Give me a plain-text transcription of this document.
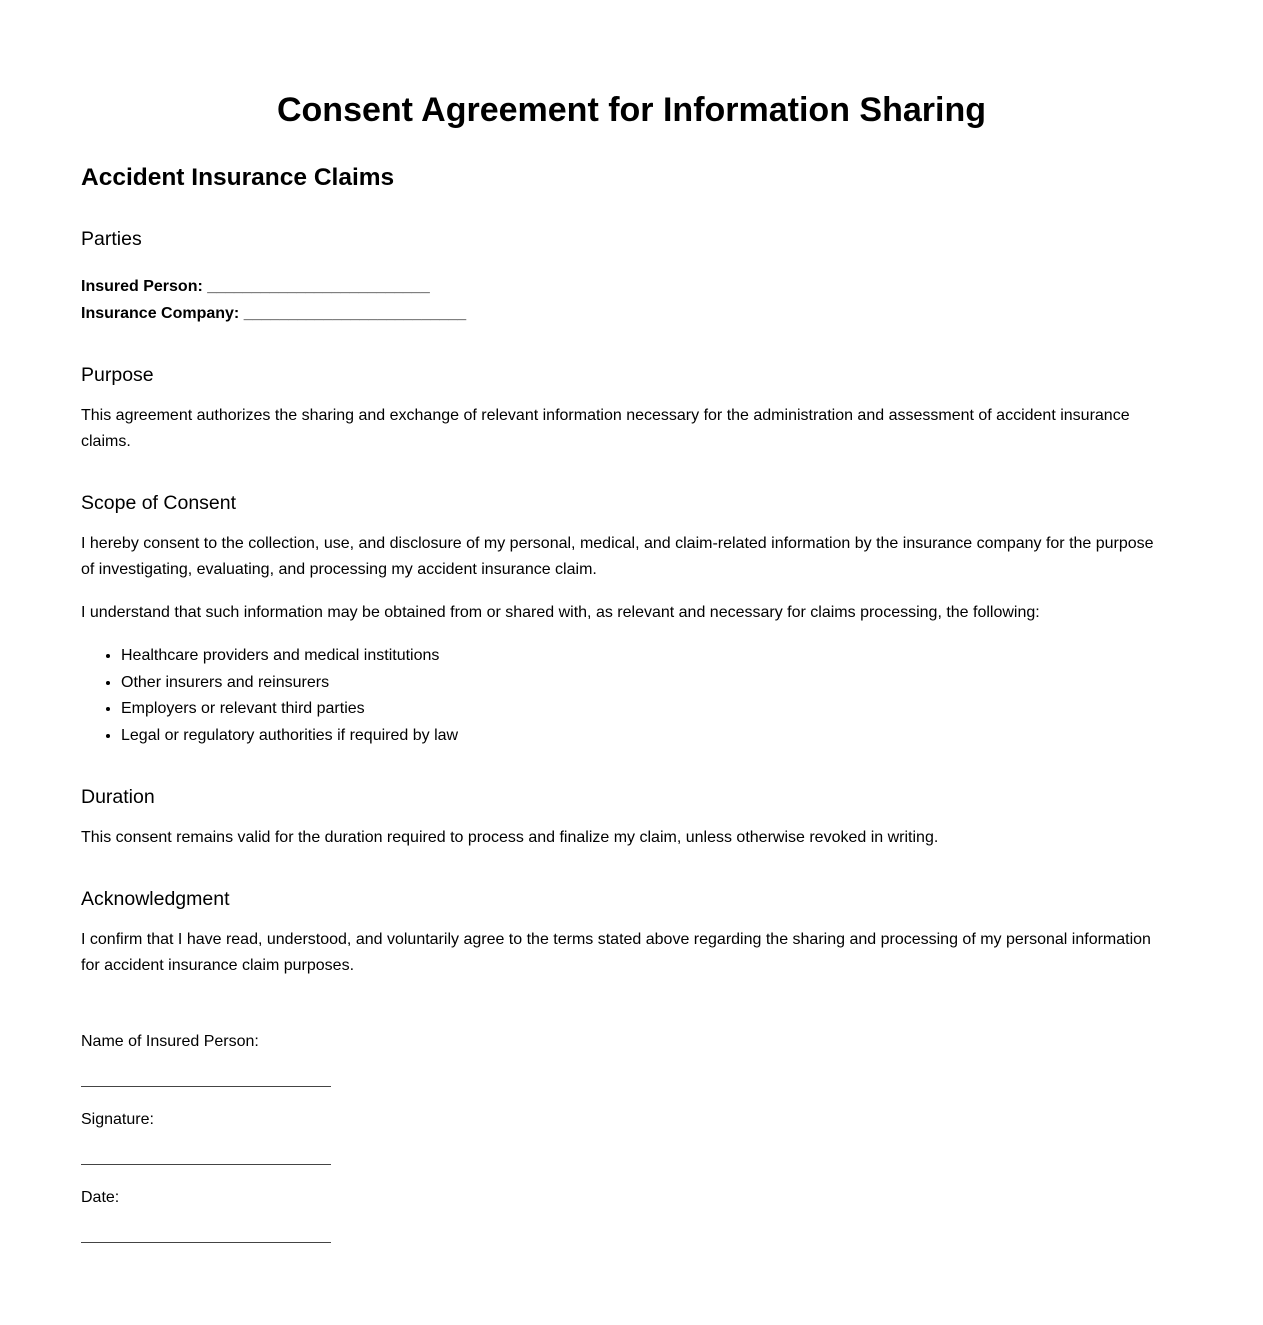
Consent Agreement for Information Sharing
Accident Insurance Claims
Parties
Insured Person: _________________________
Insurance Company: _________________________
Purpose

This agreement authorizes the sharing and exchange of relevant information necessary for the administration and assessment of accident insurance claims.

Scope of Consent

I hereby consent to the collection, use, and disclosure of my personal, medical, and claim-related information by the insurance company for the purpose of investigating, evaluating, and processing my accident insurance claim.

I understand that such information may be obtained from or shared with, as relevant and necessary for claims processing, the following:

• Healthcare providers and medical institutions
• Other insurers and reinsurers
• Employers or relevant third parties
• Legal or regulatory authorities if required by law
Duration

This consent remains valid for the duration required to process and finalize my claim, unless otherwise revoked in writing.

Acknowledgment

I confirm that I have read, understood, and voluntarily agree to the terms stated above regarding the sharing and processing of my personal information for accident insurance claim purposes.

Name of Insured Person:
Signature:
Date:
